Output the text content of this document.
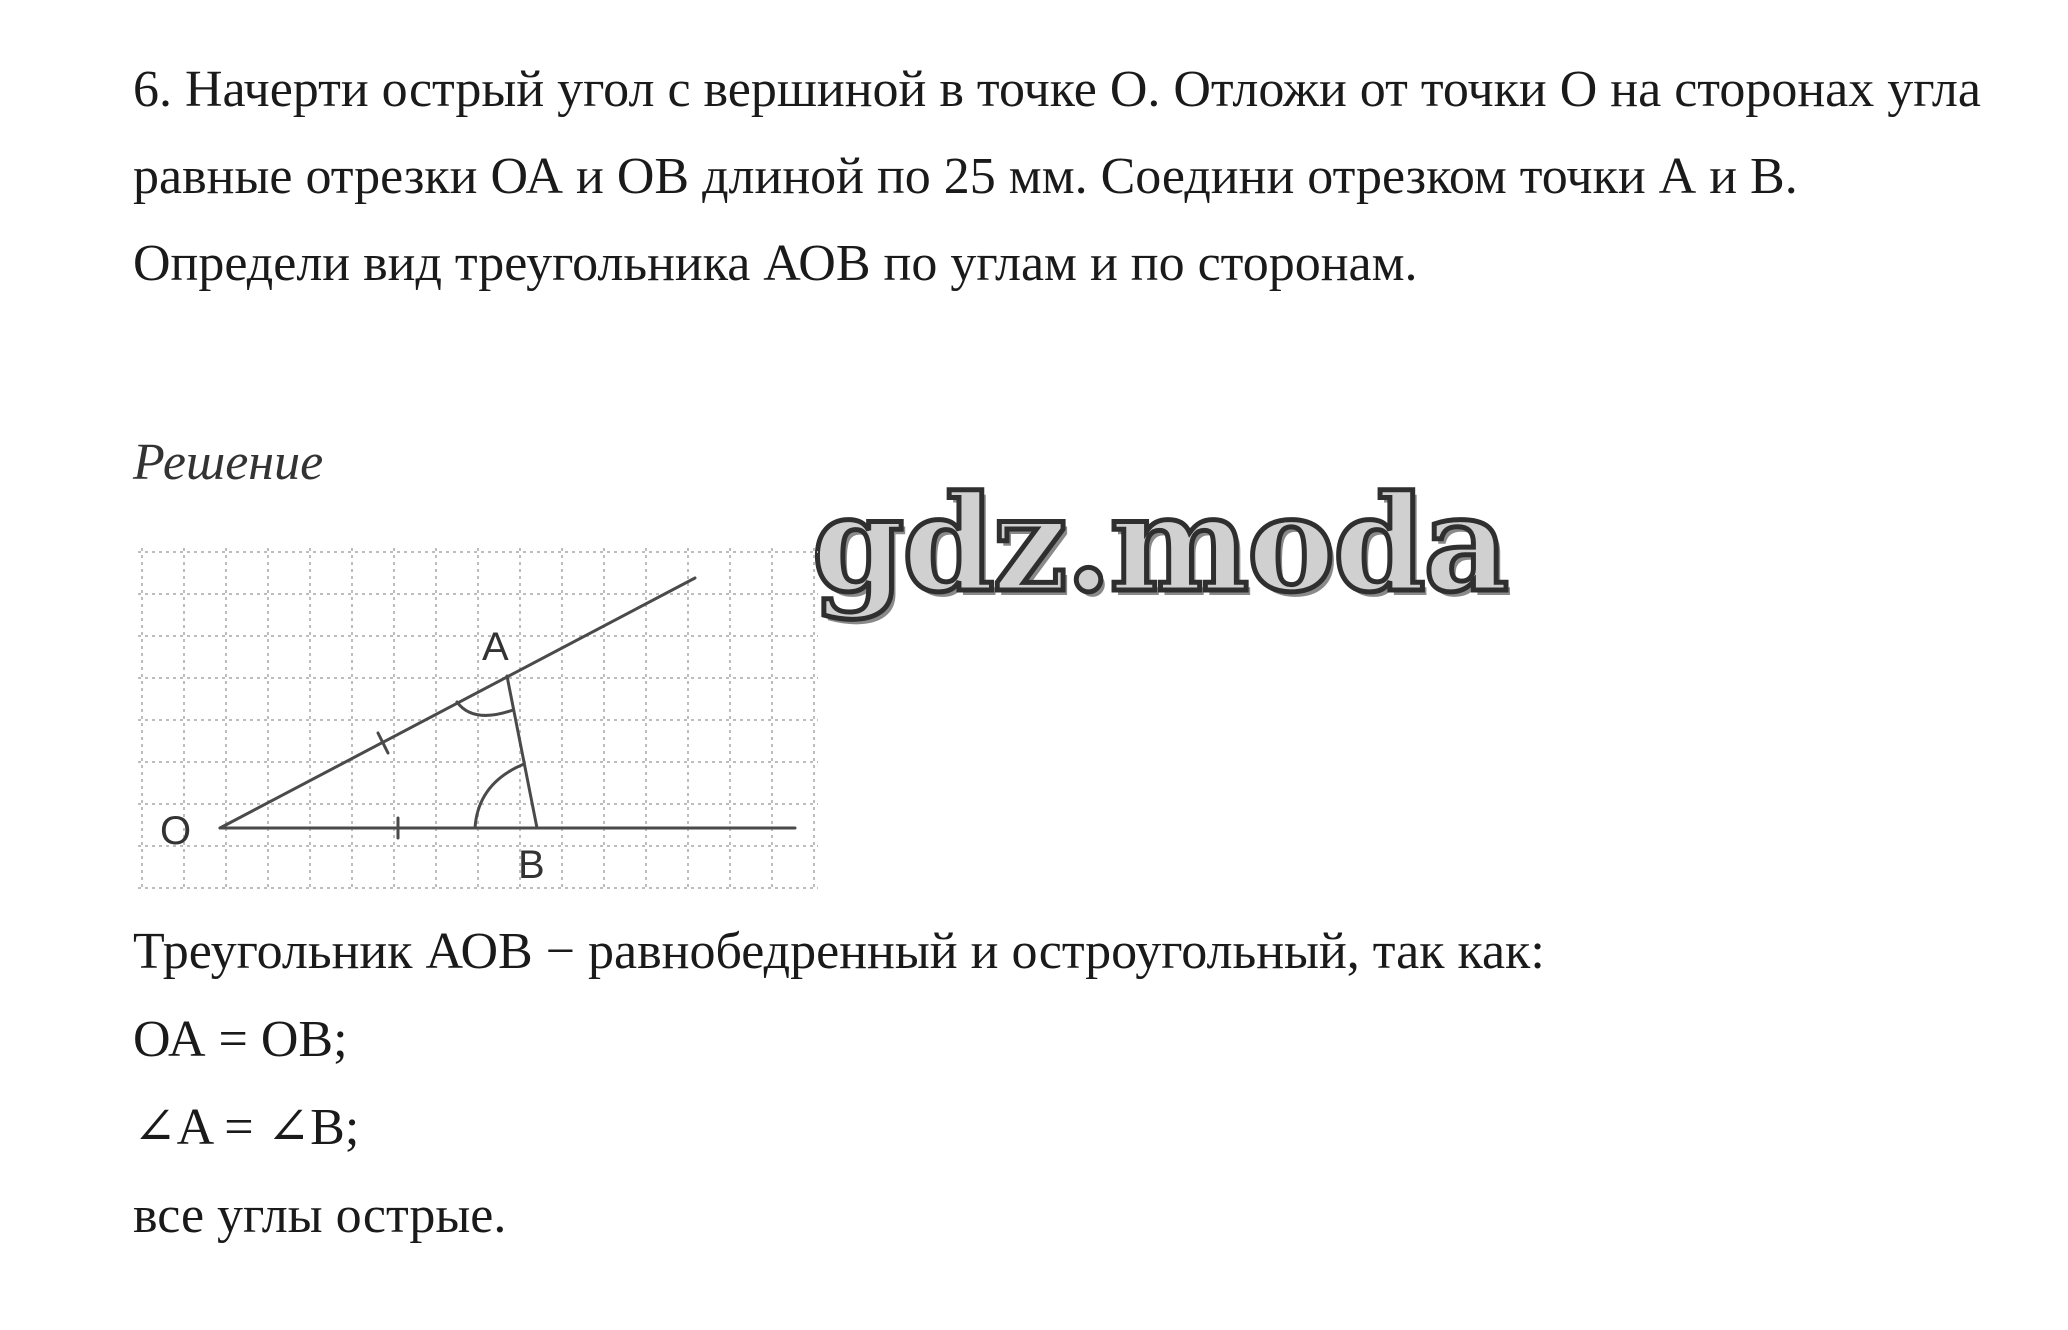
6. Начерти острый угол с вершиной в точке О. Отложи от точки О на сторонах угла равные отрезки ОА и ОВ длиной по 25 мм. Соедини отрезком точки А и В. Определи вид треугольника АОВ по углам и по сторонам.

Решение

gdz.moda

O
A
B
Треугольник АОВ − равнобедренный и остроугольный, так как:
ОА = ОВ;
∠A = ∠B;
все углы острые.
